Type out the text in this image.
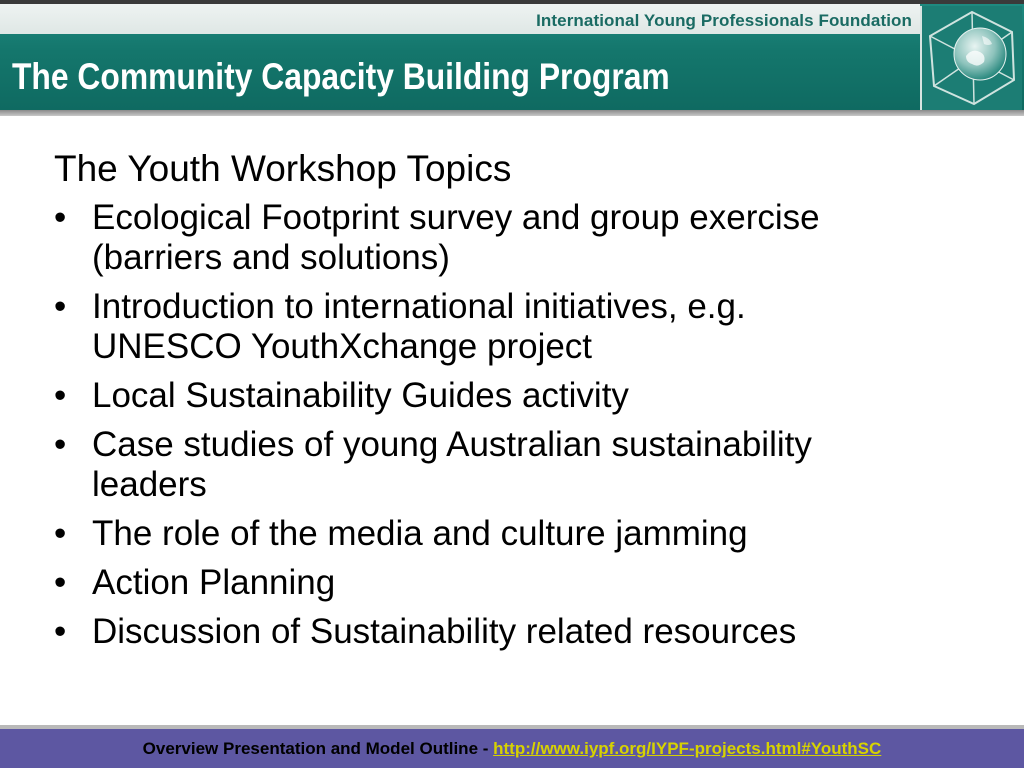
International Young Professionals Foundation
The Community Capacity Building Program
The Youth Workshop Topics
• Ecological Footprint survey and group exercise
(barriers and solutions)
• Introduction to international initiatives, e.g.
UNESCO YouthXchange project
• Local Sustainability Guides activity
• Case studies of young Australian sustainability
leaders
• The role of the media and culture jamming
• Action Planning
• Discussion of Sustainability related resources
Overview Presentation and Model Outline - http://www.iypf.org/IYPF-projects.html#YouthSC
